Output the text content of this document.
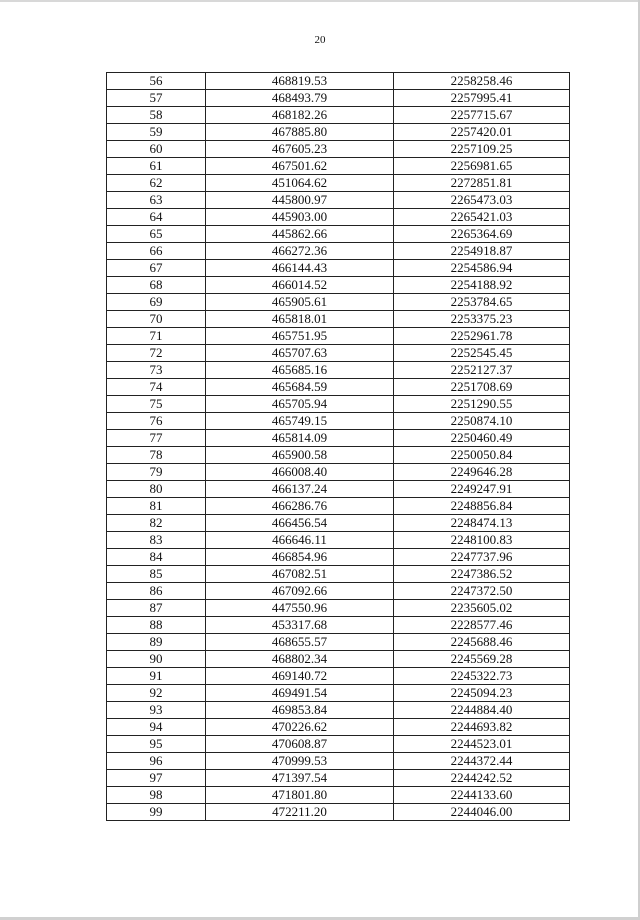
20
56	468819.53	2258258.46
57	468493.79	2257995.41
58	468182.26	2257715.67
59	467885.80	2257420.01
60	467605.23	2257109.25
61	467501.62	2256981.65
62	451064.62	2272851.81
63	445800.97	2265473.03
64	445903.00	2265421.03
65	445862.66	2265364.69
66	466272.36	2254918.87
67	466144.43	2254586.94
68	466014.52	2254188.92
69	465905.61	2253784.65
70	465818.01	2253375.23
71	465751.95	2252961.78
72	465707.63	2252545.45
73	465685.16	2252127.37
74	465684.59	2251708.69
75	465705.94	2251290.55
76	465749.15	2250874.10
77	465814.09	2250460.49
78	465900.58	2250050.84
79	466008.40	2249646.28
80	466137.24	2249247.91
81	466286.76	2248856.84
82	466456.54	2248474.13
83	466646.11	2248100.83
84	466854.96	2247737.96
85	467082.51	2247386.52
86	467092.66	2247372.50
87	447550.96	2235605.02
88	453317.68	2228577.46
89	468655.57	2245688.46
90	468802.34	2245569.28
91	469140.72	2245322.73
92	469491.54	2245094.23
93	469853.84	2244884.40
94	470226.62	2244693.82
95	470608.87	2244523.01
96	470999.53	2244372.44
97	471397.54	2244242.52
98	471801.80	2244133.60
99	472211.20	2244046.00
